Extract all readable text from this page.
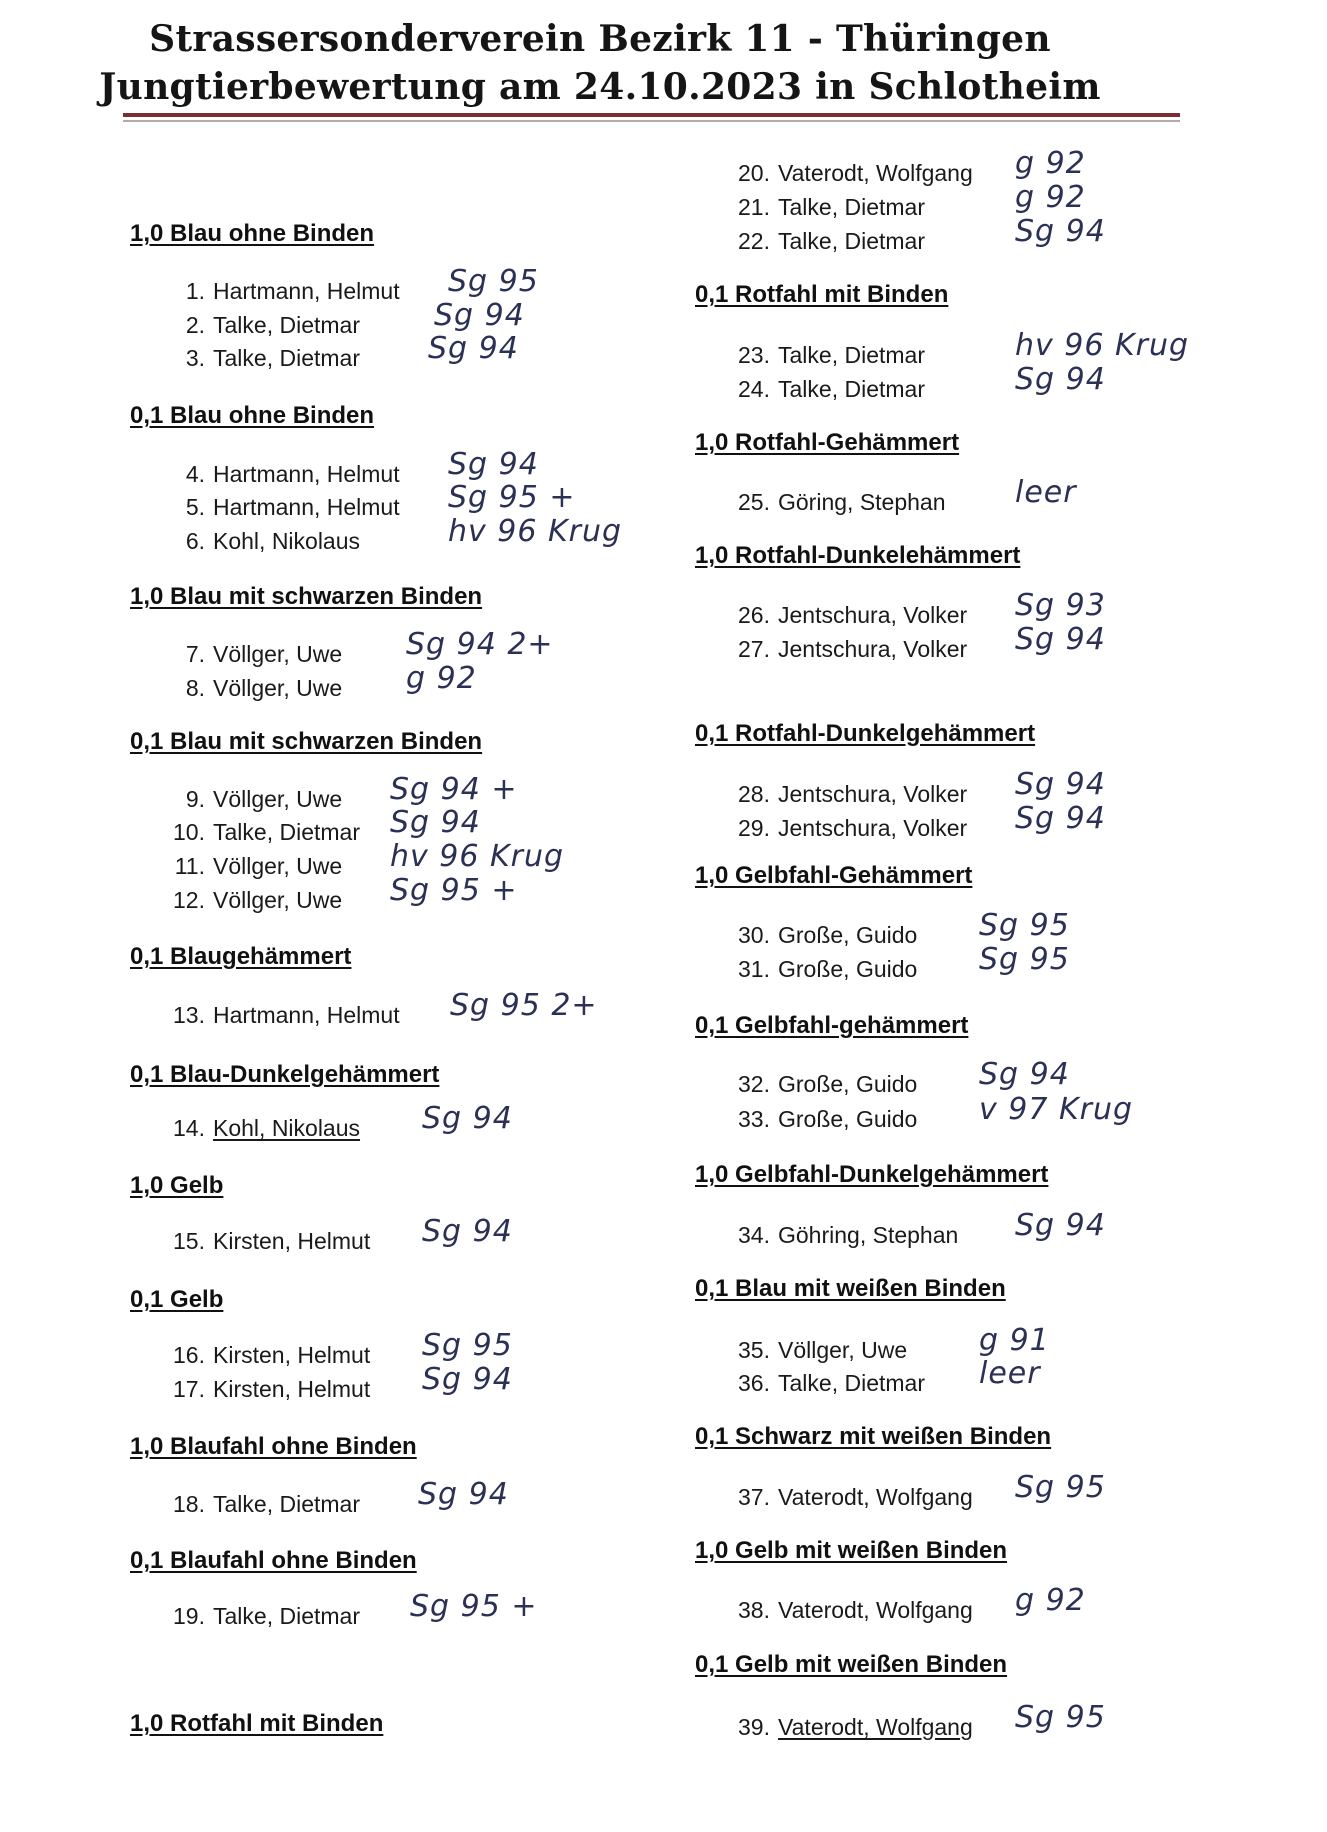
Strassersonderverein Bezirk 11 - Thüringen
Jungtierbewertung am 24.10.2023 in Schlotheim
1,0 Blau ohne Binden
1. Hartmann, Helmut Sg 95
2. Talke, Dietmar Sg 94
3. Talke, Dietmar Sg 94
0,1 Blau ohne Binden
4. Hartmann, Helmut Sg 94
5. Hartmann, Helmut Sg 95 +
6. Kohl, Nikolaus	hv 96 Krug
1,0 Blau mit schwarzen Binden
7. Völlger, Uwe Sg 94 2+
8. Völlger, Uwe g 92
0,1 Blau mit schwarzen Binden
9. Völlger, Uwe Sg 94 +
10. Talke, Dietmar Sg 94
11. Völlger, Uwe hv 96 Krug
12. Völlger, Uwe Sg 95 +
0,1 Blaugehämmert
13. Hartmann, Helmut Sg 95 2+
0,1 Blau-Dunkelgehämmert
14. Kohl, Nikolaus Sg 94
1,0 Gelb
15. Kirsten, Helmut Sg 94
0,1 Gelb
16. Kirsten, Helmut Sg 95
17. Kirsten, Helmut Sg 94
1,0 Blaufahl ohne Binden
18. Talke, Dietmar Sg 94
0,1 Blaufahl ohne Binden
19. Talke, Dietmar Sg 95 +
1,0 Rotfahl mit Binden
20. Vaterodt, Wolfgang g 92
21. Talke, Dietmar	g 92
22. Talke, Dietmar	Sg 94
0,1 Rotfahl mit Binden
23. Talke, Dietmar	hv 96 Krug
24. Talke, Dietmar	Sg 94
1,0 Rotfahl-Gehämmert
25. Göring, Stephan leer
1,0 Rotfahl-Dunkelehämmert
26. Jentschura, Volker Sg 93
27. Jentschura, Volker Sg 94
0,1 Rotfahl-Dunkelgehämmert
28. Jentschura, Volker Sg 94
29. Jentschura, Volker Sg 94
1,0 Gelbfahl-Gehämmert
30. Große, Guido Sg 95
31. Große, Guido Sg 95
0,1 Gelbfahl-gehämmert
32. Große, Guido Sg 94
33. Große, Guido v 97 Krug
1,0 Gelbfahl-Dunkelgehämmert
34. Göhring, Stephan Sg 94
0,1 Blau mit weißen Binden
35. Völlger, Uwe g 91
36. Talke, Dietmar leer
0,1 Schwarz mit weißen Binden
37. Vaterodt, Wolfgang Sg 95
1,0 Gelb mit weißen Binden
38. Vaterodt, Wolfgang g 92
0,1 Gelb mit weißen Binden
39. Vaterodt, Wolfgang Sg 95
